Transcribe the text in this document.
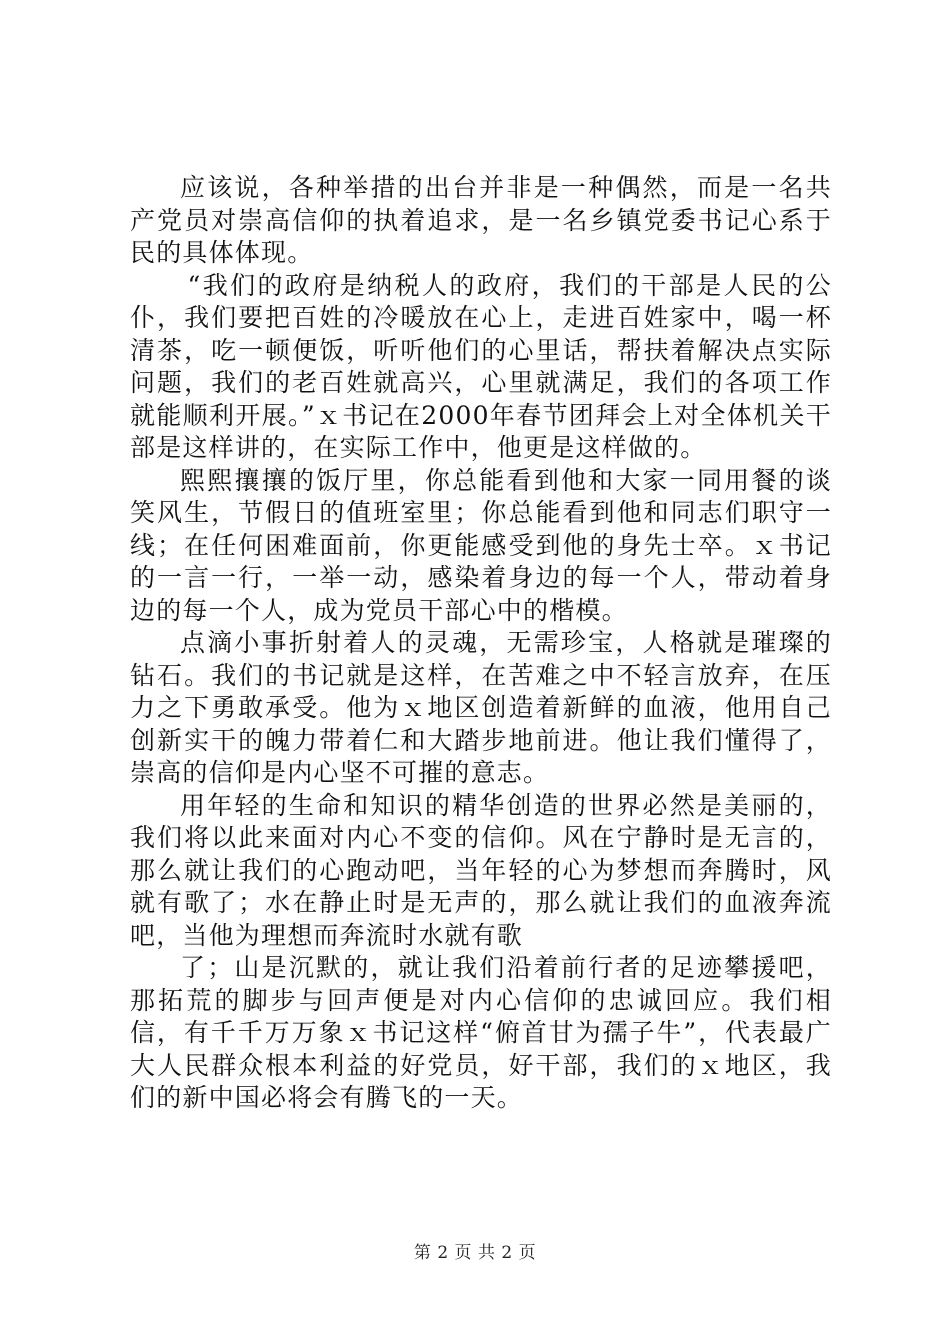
应该说，各种举措的出台并非是一种偶然，而是一名共产党员对崇高信仰的执着追求，是一名乡镇党委书记心系于民的具体体现。

“我们的政府是纳税人的政府，我们的干部是人民的公仆，我们要把百姓的冷暖放在心上，走进百姓家中，喝一杯清茶，吃一顿便饭，听听他们的心里话，帮扶着解决点实际问题，我们的老百姓就高兴，心里就满足，我们的各项工作就能顺利开展。”ｘ书记在2000年春节团拜会上对全体机关干部是这样讲的，在实际工作中，他更是这样做的。

熙熙攘攘的饭厅里，你总能看到他和大家一同用餐的谈笑风生，节假日的值班室里；你总能看到他和同志们职守一线；在任何困难面前，你更能感受到他的身先士卒。ｘ书记的一言一行，一举一动，感染着身边的每一个人，带动着身边的每一个人，成为党员干部心中的楷模。

点滴小事折射着人的灵魂，无需珍宝，人格就是璀璨的钻石。我们的书记就是这样，在苦难之中不轻言放弃，在压力之下勇敢承受。他为ｘ地区创造着新鲜的血液，他用自己创新实干的魄力带着仁和大踏步地前进。他让我们懂得了，崇高的信仰是内心坚不可摧的意志。

用年轻的生命和知识的精华创造的世界必然是美丽的，我们将以此来面对内心不变的信仰。风在宁静时是无言的，那么就让我们的心跑动吧，当年轻的心为梦想而奔腾时，风就有歌了；水在静止时是无声的，那么就让我们的血液奔流吧，当他为理想而奔流时水就有歌

了；山是沉默的，就让我们沿着前行者的足迹攀援吧，那拓荒的脚步与回声便是对内心信仰的忠诚回应。我们相信，有千千万万象ｘ书记这样“俯首甘为孺子牛”，代表最广大人民群众根本利益的好党员，好干部，我们的ｘ地区，我们的新中国必将会有腾飞的一天。

第 2 页 共 2 页
